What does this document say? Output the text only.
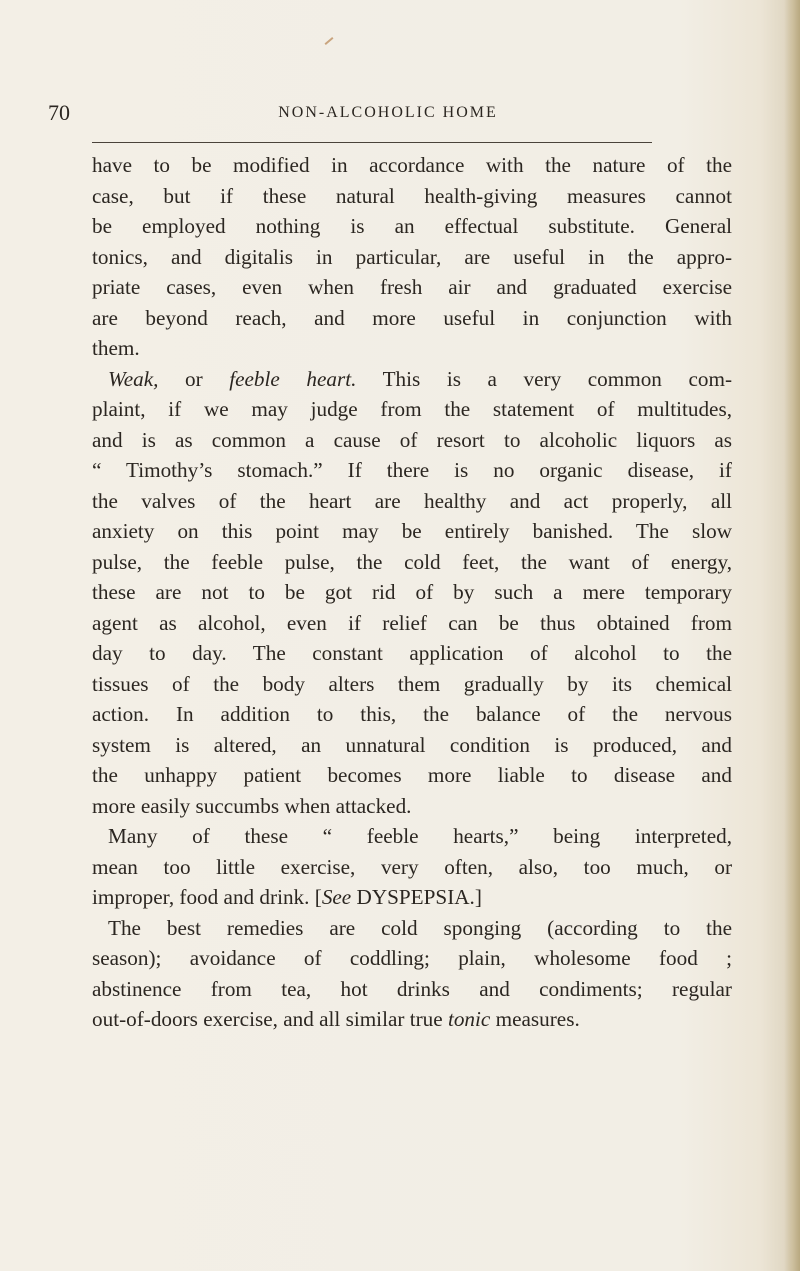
70	NON-ALCOHOLIC HOME
have to be modified in accordance with the nature of the
case, but if these natural health-giving measures cannot
be employed nothing is an effectual substitute. General
tonics, and digitalis in particular, are useful in the appro-
priate cases, even when fresh air and graduated exercise
are beyond reach, and more useful in conjunction with
them.
Weak, or feeble heart. This is a very common com-
plaint, if we may judge from the statement of multitudes,
and is as common a cause of resort to alcoholic liquors as
“ Timothy’s stomach.” If there is no organic disease, if
the valves of the heart are healthy and act properly, all
anxiety on this point may be entirely banished. The slow
pulse, the feeble pulse, the cold feet, the want of energy,
these are not to be got rid of by such a mere temporary
agent as alcohol, even if relief can be thus obtained from
day to day. The constant application of alcohol to the
tissues of the body alters them gradually by its chemical
action. In addition to this, the balance of the nervous
system is altered, an unnatural condition is produced, and
the unhappy patient becomes more liable to disease and
more easily succumbs when attacked.
Many of these “ feeble hearts,” being interpreted,
mean too little exercise, very often, also, too much, or
improper, food and drink. [See DYSPEPSIA.]
The best remedies are cold sponging (according to the
season); avoidance of coddling; plain, wholesome food ;
abstinence from tea, hot drinks and condiments; regular
out-of-doors exercise, and all similar true tonic measures.
